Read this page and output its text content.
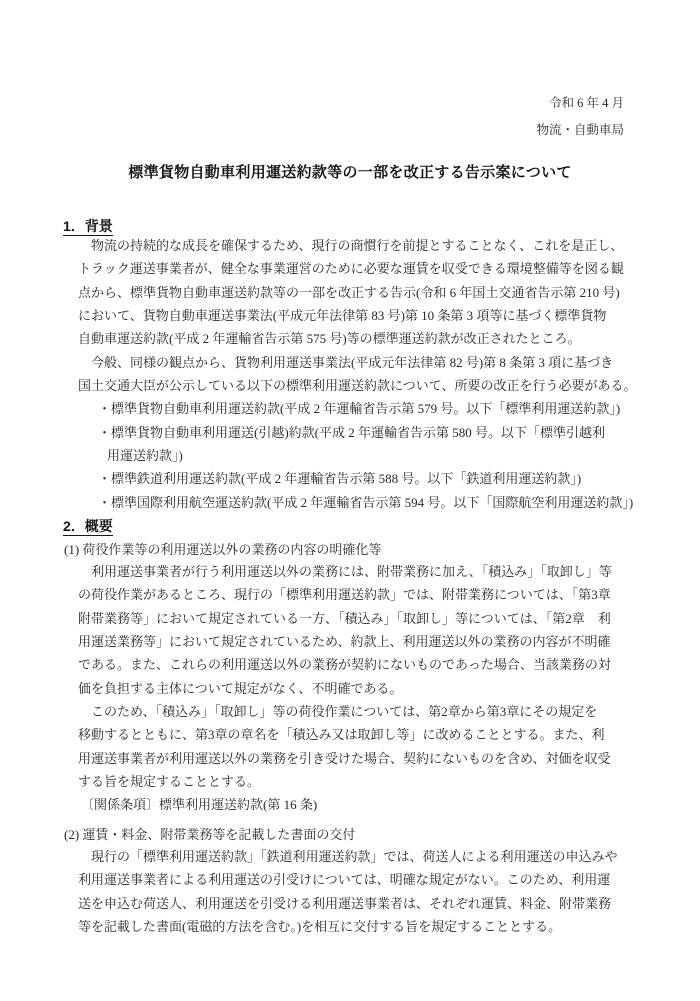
令和 6 年 4 月
物流・自動車局
標準貨物自動車利用運送約款等の一部を改正する告示案について
1．背景
　物流の持続的な成長を確保するため、現行の商慣行を前提とすることなく、これを是正し、
トラック運送事業者が、健全な事業運営のために必要な運賃を収受できる環境整備等を図る観
点から、標準貨物自動車運送約款等の一部を改正する告示(令和 6 年国土交通省告示第 210 号)
において、貨物自動車運送事業法(平成元年法律第 83 号)第 10 条第 3 項等に基づく標準貨物
自動車運送約款(平成 2 年運輸省告示第 575 号)等の標準運送約款が改正されたところ。
　今般、同様の観点から、貨物利用運送事業法(平成元年法律第 82 号)第 8 条第 3 項に基づき
国土交通大臣が公示している以下の標準利用運送約款について、所要の改正を行う必要がある。
・標準貨物自動車利用運送約款(平成 2 年運輸省告示第 579 号。以下「標準利用運送約款」)
・標準貨物自動車利用運送(引越)約款(平成 2 年運輸省告示第 580 号。以下「標準引越利
用運送約款」)
・標準鉄道利用運送約款(平成 2 年運輸省告示第 588 号。以下「鉄道利用運送約款」)
・標準国際利用航空運送約款(平成 2 年運輸省告示第 594 号。以下「国際航空利用運送約款」)
2．概要
(1) 荷役作業等の利用運送以外の業務の内容の明確化等
　利用運送事業者が行う利用運送以外の業務には、附帯業務に加え、「積込み」「取卸し」等
の荷役作業があるところ、現行の「標準利用運送約款」では、附帯業務については、「第3章
附帯業務等」において規定されている一方、「積込み」「取卸し」等については、「第2章　利
用運送業務等」において規定されているため、約款上、利用運送以外の業務の内容が不明確
である。また、これらの利用運送以外の業務が契約にないものであった場合、当該業務の対
価を負担する主体について規定がなく、不明確である。
　このため、「積込み」「取卸し」等の荷役作業については、第2章から第3章にその規定を
移動するとともに、第3章の章名を「積込み又は取卸し等」に改めることとする。また、利
用運送事業者が利用運送以外の業務を引き受けた場合、契約にないものを含め、対価を収受
する旨を規定することとする。
〔関係条項〕標準利用運送約款(第 16 条)
(2) 運賃・料金、附帯業務等を記載した書面の交付
　現行の「標準利用運送約款」「鉄道利用運送約款」では、荷送人による利用運送の申込みや
利用運送事業者による利用運送の引受けについては、明確な規定がない。このため、利用運
送を申込む荷送人、利用運送を引受ける利用運送事業者は、それぞれ運賃、料金、附帯業務
等を記載した書面(電磁的方法を含む。)を相互に交付する旨を規定することとする。
